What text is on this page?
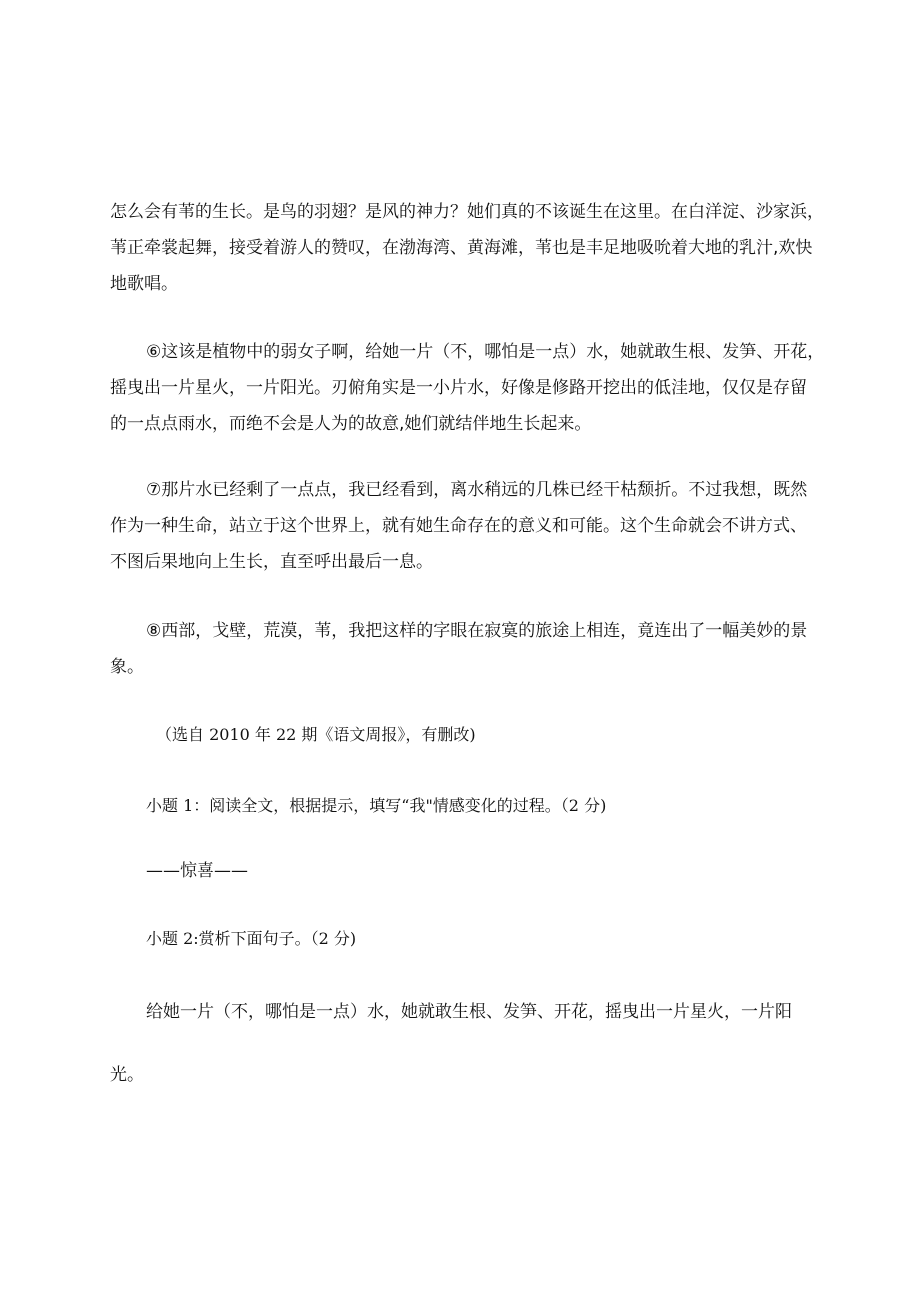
怎么会有苇的生长。是鸟的羽翅？是风的神力？她们真的不该诞生在这里。在白洋淀、沙家浜，
苇正牵裳起舞，接受着游人的赞叹，在渤海湾、黄海滩，苇也是丰足地吸吮着大地的乳汁,欢快
地歌唱。
⑥这该是植物中的弱女子啊，给她一片（不，哪怕是一点）水，她就敢生根、发笋、开花，
摇曳出一片星火，一片阳光。刃俯角实是一小片水，好像是修路开挖出的低洼地，仅仅是存留
的一点点雨水，而绝不会是人为的故意,她们就结伴地生长起来。
⑦那片水已经剩了一点点，我已经看到，离水稍远的几株已经干枯颓折。不过我想，既然
作为一种生命，站立于这个世界上，就有她生命存在的意义和可能。这个生命就会不讲方式、
不图后果地向上生长，直至呼出最后一息。
⑧西部，戈壁，荒漠，苇，我把这样的字眼在寂寞的旅途上相连，竟连出了一幅美妙的景
象。
（选自 2010 年 22 期《语文周报》，有删改)
小题 1：阅读全文，根据提示，填写“我"情感变化的过程。（2 分)
——惊喜——
小题 2:赏析下面句子。（2 分)
给她一片（不，哪怕是一点）水，她就敢生根、发笋、开花，摇曳出一片星火，一片阳
光。
